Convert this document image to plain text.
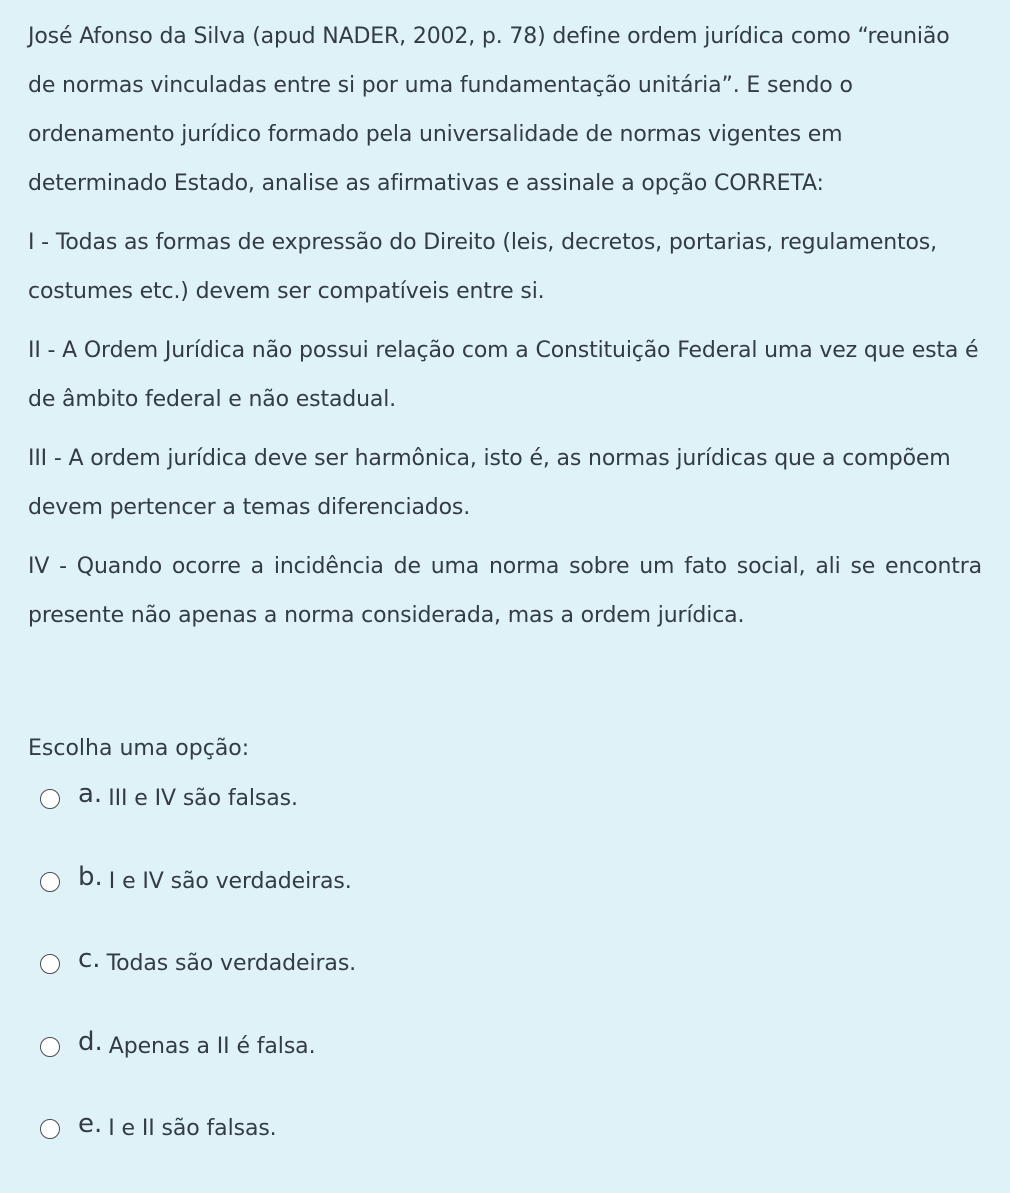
José Afonso da Silva (apud NADER, 2002, p. 78) define ordem jurídica como “reunião de normas vinculadas entre si por uma fundamentação unitária”. E sendo o ordenamento jurídico formado pela universalidade de normas vigentes em determinado Estado, analise as afirmativas e assinale a opção CORRETA:

I - Todas as formas de expressão do Direito (leis, decretos, portarias, regulamentos, costumes etc.) devem ser compatíveis entre si.

II - A Ordem Jurídica não possui relação com a Constituição Federal uma vez que esta é de âmbito federal e não estadual.

III - A ordem jurídica deve ser harmônica, isto é, as normas jurídicas que a compõem devem pertencer a temas diferenciados.

IV - Quando ocorre a incidência de uma norma sobre um fato social, ali se encontra presente não apenas a norma considerada, mas a ordem jurídica.

Escolha uma opção:

a. III e IV são falsas.
b. I e IV são verdadeiras.
c. Todas são verdadeiras.
d. Apenas a II é falsa.
e. I e II são falsas.
